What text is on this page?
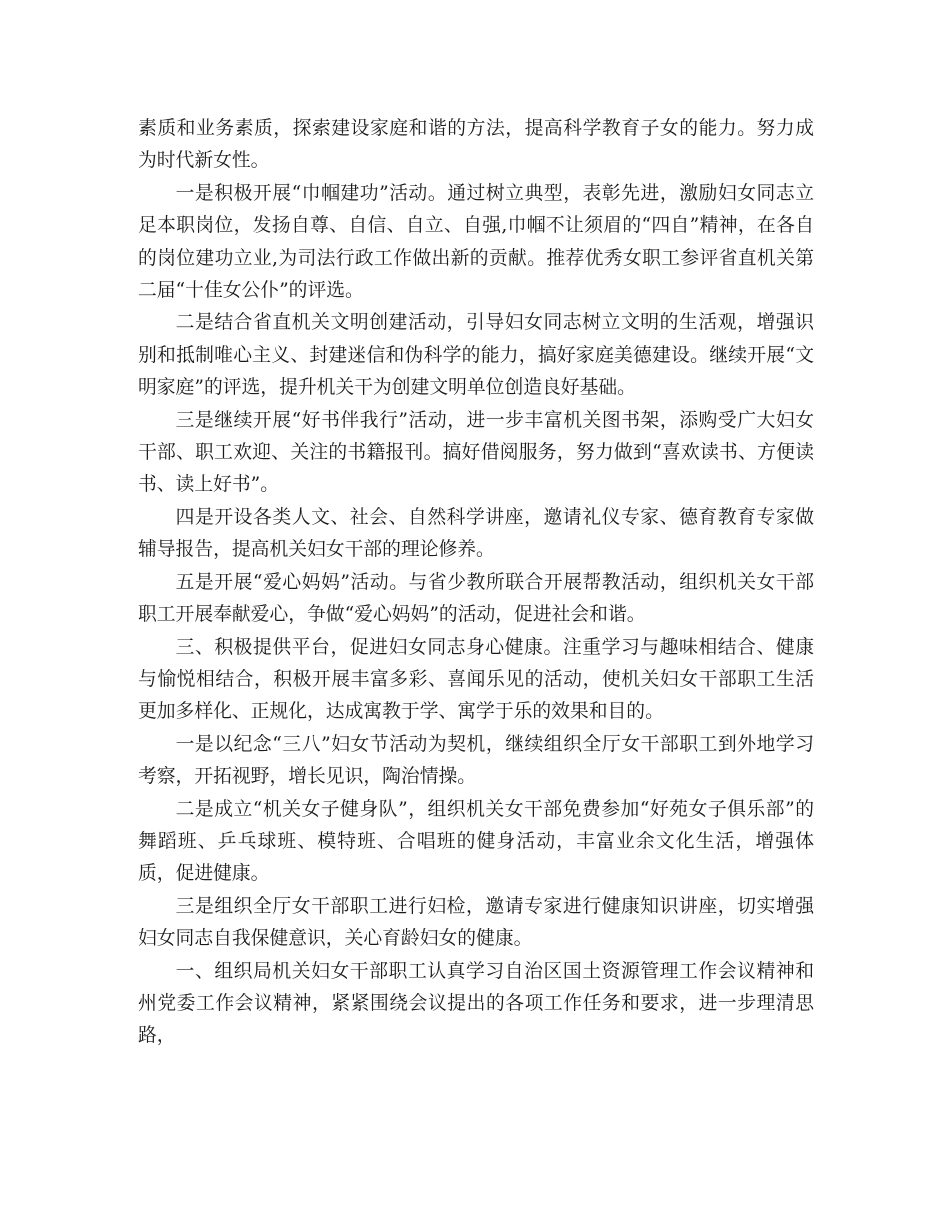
素质和业务素质，探索建设家庭和谐的方法，提高科学教育子女的能力。努力成为时代新女性。

一是积极开展“巾帼建功”活动。通过树立典型，表彰先进，激励妇女同志立足本职岗位，发扬自尊、自信、自立、自强,巾帼不让须眉的“四自”精神，在各自的岗位建功立业,为司法行政工作做出新的贡献。推荐优秀女职工参评省直机关第二届“十佳女公仆”的评选。

二是结合省直机关文明创建活动，引导妇女同志树立文明的生活观，增强识别和抵制唯心主义、封建迷信和伪科学的能力，搞好家庭美德建设。继续开展“文明家庭”的评选，提升机关干为创建文明单位创造良好基础。

三是继续开展“好书伴我行”活动，进一步丰富机关图书架，添购受广大妇女干部、职工欢迎、关注的书籍报刊。搞好借阅服务，努力做到“喜欢读书、方便读书、读上好书”。

四是开设各类人文、社会、自然科学讲座，邀请礼仪专家、德育教育专家做辅导报告，提高机关妇女干部的理论修养。

五是开展“爱心妈妈”活动。与省少教所联合开展帮教活动，组织机关女干部职工开展奉献爱心，争做“爱心妈妈”的活动，促进社会和谐。

三、积极提供平台，促进妇女同志身心健康。注重学习与趣味相结合、健康与愉悦相结合，积极开展丰富多彩、喜闻乐见的活动，使机关妇女干部职工生活更加多样化、正规化，达成寓教于学、寓学于乐的效果和目的。

一是以纪念“三八”妇女节活动为契机，继续组织全厅女干部职工到外地学习考察，开拓视野，增长见识，陶治情操。

二是成立“机关女子健身队”，组织机关女干部免费参加“好苑女子俱乐部”的舞蹈班、乒乓球班、模特班、合唱班的健身活动，丰富业余文化生活，增强体质，促进健康。

三是组织全厅女干部职工进行妇检，邀请专家进行健康知识讲座，切实增强妇女同志自我保健意识，关心育龄妇女的健康。

一、组织局机关妇女干部职工认真学习自治区国土资源管理工作会议精神和州党委工作会议精神，紧紧围绕会议提出的各项工作任务和要求，进一步理清思路，
